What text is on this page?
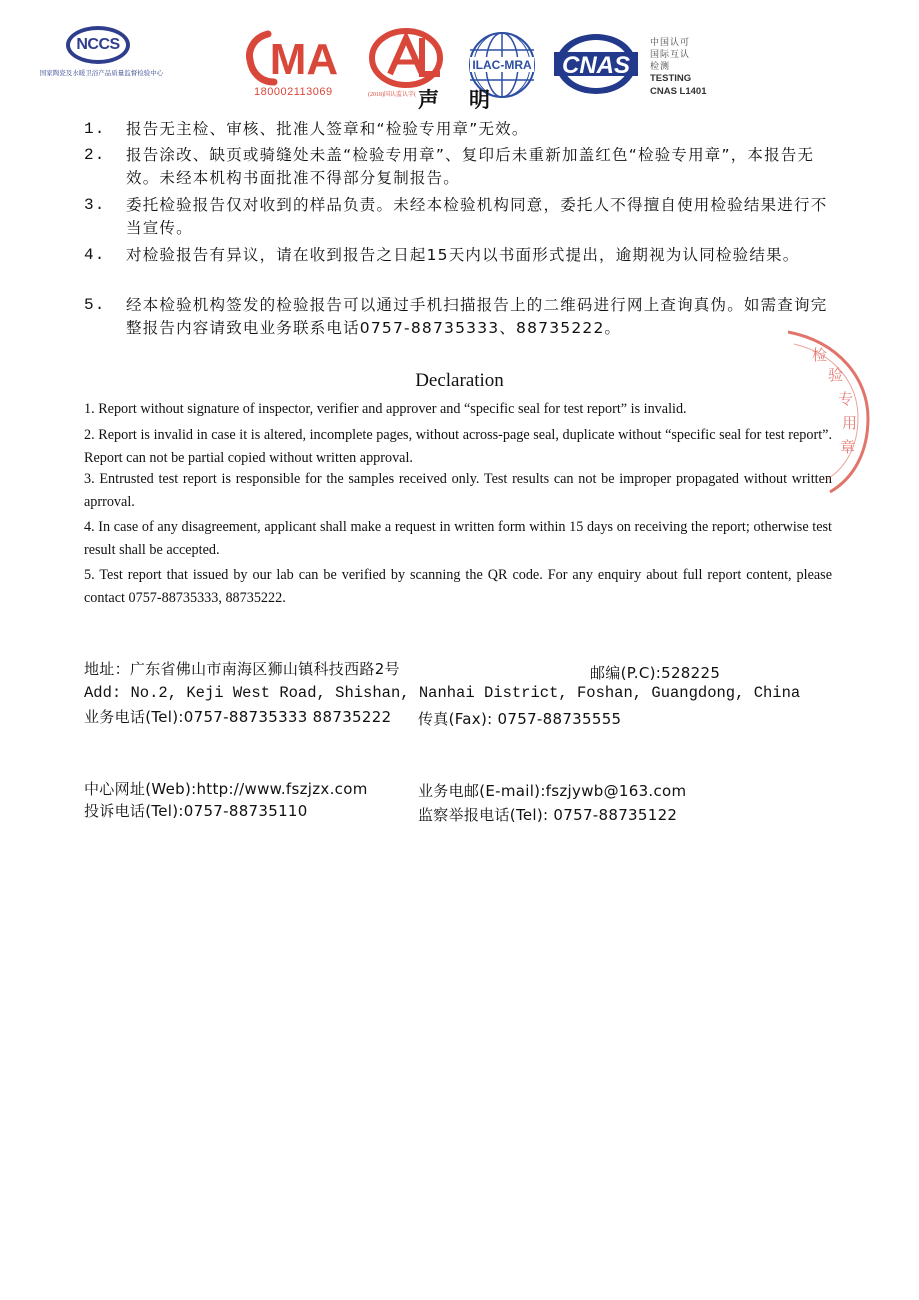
NCCS
国家陶瓷及水暖卫浴产品质量监督检验中心 MA
180002113069	(2018)国认监认字(
ILAC-MRA CNAS
中国认可
国际互认
检测
TESTING
CNAS L1401
声明
1. 报告无主检、审核、批准人签章和“检验专用章”无效。
2. 报告涂改、缺页或骑缝处未盖“检验专用章”、复印后未重新加盖红色“检验专用章”，本报告无效。未经本机构书面批准不得部分复制报告。
3. 委托检验报告仅对收到的样品负责。未经本检验机构同意，委托人不得擅自使用检验结果进行不当宣传。
4. 对检验报告有异议，请在收到报告之日起15天内以书面形式提出，逾期视为认同检验结果。
5. 经本检验机构签发的检验报告可以通过手机扫描报告上的二维码进行网上查询真伪。如需查询完整报告内容请致电业务联系电话0757-88735333、88735222。
Declaration
1. Report without signature of inspector, verifier and approver and “specific seal for test report” is invalid.
2. Report is invalid in case it is altered, incomplete pages, without across-page seal, duplicate without “specific seal for test report”. Report can not be partial copied without written approval.
3. Entrusted test report is responsible for the samples received only. Test results can not be improper propagated without written aprroval.
4. In case of any disagreement, applicant shall make a request in written form within 15 days on receiving the report; otherwise test result shall be accepted.
5. Test report that issued by our lab can be verified by scanning the QR code. For any enquiry about full report content, please contact 0757-88735333, 88735222.
地址：广东省佛山市南海区狮山镇科技西路2号	邮编(P.C):528225
Add: No.2, Keji West Road, Shishan, Nanhai District, Foshan, Guangdong, China
业务电话(Tel):0757-88735333 88735222 传真(Fax): 0757-88735555
中心网址(Web):http://www.fszjzx.com	业务电邮(E-mail):fszjywb@163.com
投诉电话(Tel):0757-88735110	监察举报电话(Tel): 0757-88735122
检 验 专 用 章
